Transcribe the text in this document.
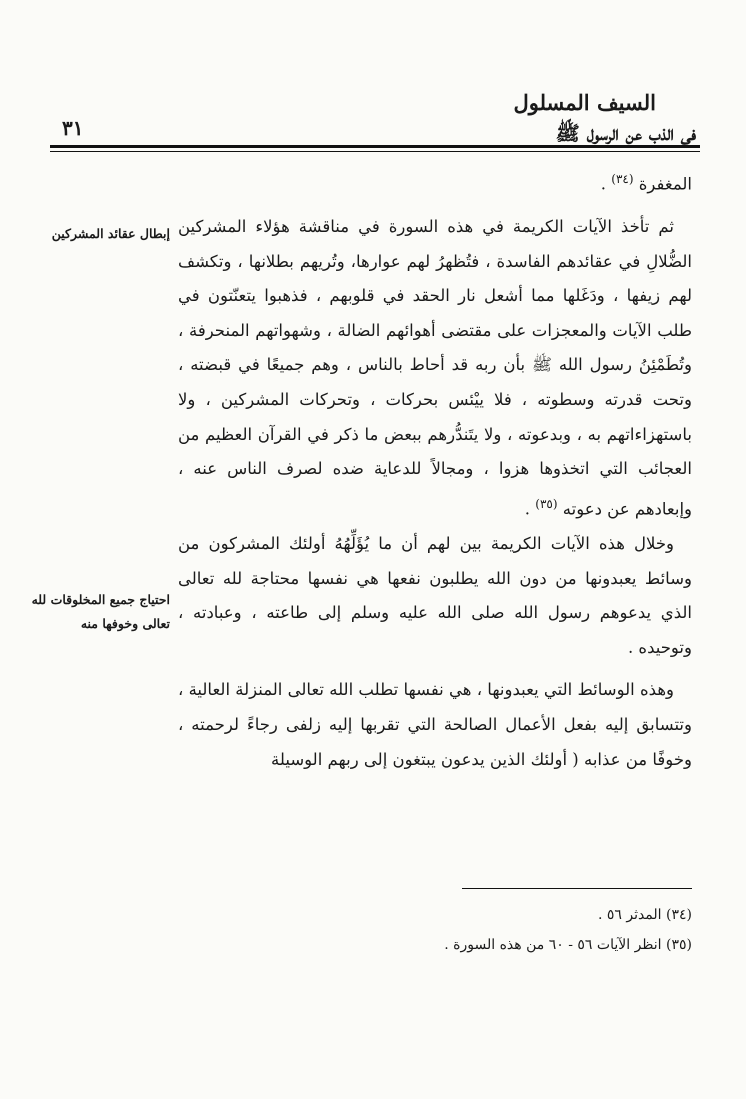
السيف المسلول
في الذب عن الرسول ﷺ
٣١

المغفرة $^{(٣٤)}$ .

ثم تأخذ الآيات الكريمة في هذه السورة في مناقشة هؤلاء المشركين الضُّلالِ في عقائدهم الفاسدة ، فتُظهرُ لهم عوارها، وتُريهم بطلانها ، وتكشف لهم زيفها ، ودَغَلها مما أشعل نار الحقد في قلوبهم ، فذهبوا يتعنّتون في طلب الآيات والمعجزات على مقتضى أهوائهم الضالة ، وشهواتهم المنحرفة ، وتُطَمْئِنُ رسول الله ﷺ بأن ربه قد أحاط بالناس ، وهم جميعًا في قبضته ، وتحت قدرته وسطوته ، فلا ييْئس بحركات ، وتحركات المشركين ، ولا باستهزاءاتهم به ، وبدعوته ، ولا يتَندُّرهم ببعض ما ذكر في القرآن العظيم من العجائب التي اتخذوها هزوا ، ومجالاً للدعاية ضده لصرف الناس عنه ، وإبعادهم عن دعوته $^{(٣٥)}$ .

وخلال هذه الآيات الكريمة بين لهم أن ما يُؤَلِّهُهُ أولئك المشركون من وسائط يعبدونها من دون الله يطلبون نفعها هي نفسها محتاجة لله تعالى الذي يدعوهم رسول الله صلى الله عليه وسلم إلى طاعته ، وعبادته ، وتوحيده .

وهذه الوسائط التي يعبدونها ، هي نفسها تطلب الله تعالى المنزلة العالية ، وتتسابق إليه بفعل الأعمال الصالحة التي تقربها إليه زلفى رجاءً لرحمته ، وخوفًا من عذابه ( أولئك الذين يدعون يبتغون إلى ربهم الوسيلة

إبطال عقائد المشركين
احتياج جميع المخلوقات لله تعالى وخوفها منه

(٣٤) المدثر ٥٦ .

(٣٥) انظر الآيات ٥٦ - ٦٠ من هذه السورة .
